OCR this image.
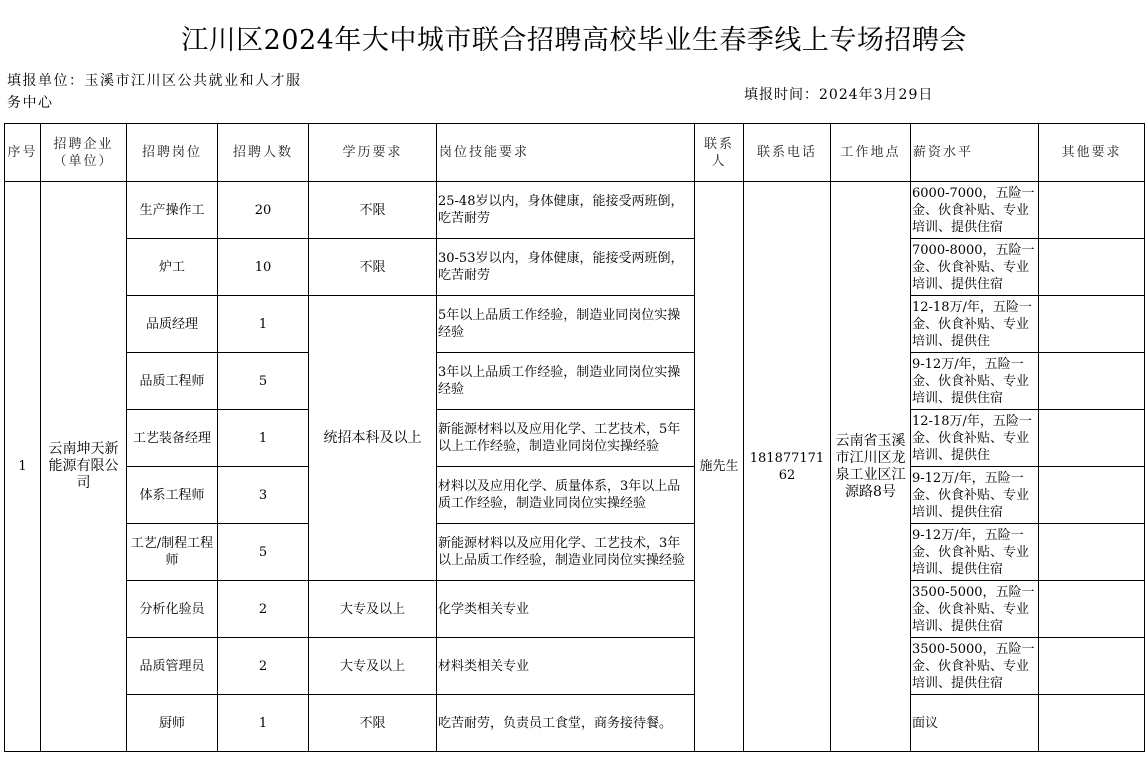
江川区2024年大中城市联合招聘高校毕业生春季线上专场招聘会
填报单位：玉溪市江川区公共就业和人才服务中心	填报时间：2024年3月29日
序号	招聘企业（单位）	招聘岗位	招聘人数	学历要求	岗位技能要求	联系人	联系电话	工作地点	薪资水平	其他要求
1	云南坤天新能源有限公司	生产操作工	20	不限	25-48岁以内，身体健康，能接受两班倒，吃苦耐劳	施先生	18187717162	云南省玉溪市江川区龙泉工业区江源路8号	6000-7000，五险一金、伙食补贴、专业培训、提供住宿	
		炉工	10	不限	30-53岁以内，身体健康，能接受两班倒，吃苦耐劳				7000-8000，五险一金、伙食补贴、专业培训、提供住宿	
		品质经理	1	统招本科及以上	5年以上品质工作经验，制造业同岗位实操经验				12-18万/年，五险一金、伙食补贴、专业培训、提供住	
		品质工程师	5		3年以上品质工作经验，制造业同岗位实操经验				9-12万/年，五险一金、伙食补贴、专业培训、提供住宿	
		工艺装备经理	1		新能源材料以及应用化学、工艺技术，5年以上工作经验，制造业同岗位实操经验				12-18万/年，五险一金、伙食补贴、专业培训、提供住	
		体系工程师	3		材料以及应用化学、质量体系，3年以上品质工作经验，制造业同岗位实操经验				9-12万/年，五险一金、伙食补贴、专业培训、提供住宿	
		工艺/制程工程师	5		新能源材料以及应用化学、工艺技术，3年以上品质工作经验，制造业同岗位实操经验				9-12万/年，五险一金、伙食补贴、专业培训、提供住宿	
		分析化验员	2	大专及以上	化学类相关专业				3500-5000，五险一金、伙食补贴、专业培训、提供住宿	
		品质管理员	2	大专及以上	材料类相关专业				3500-5000，五险一金、伙食补贴、专业培训、提供住宿	
		厨师	1	不限	吃苦耐劳，负责员工食堂，商务接待餐。				面议	
